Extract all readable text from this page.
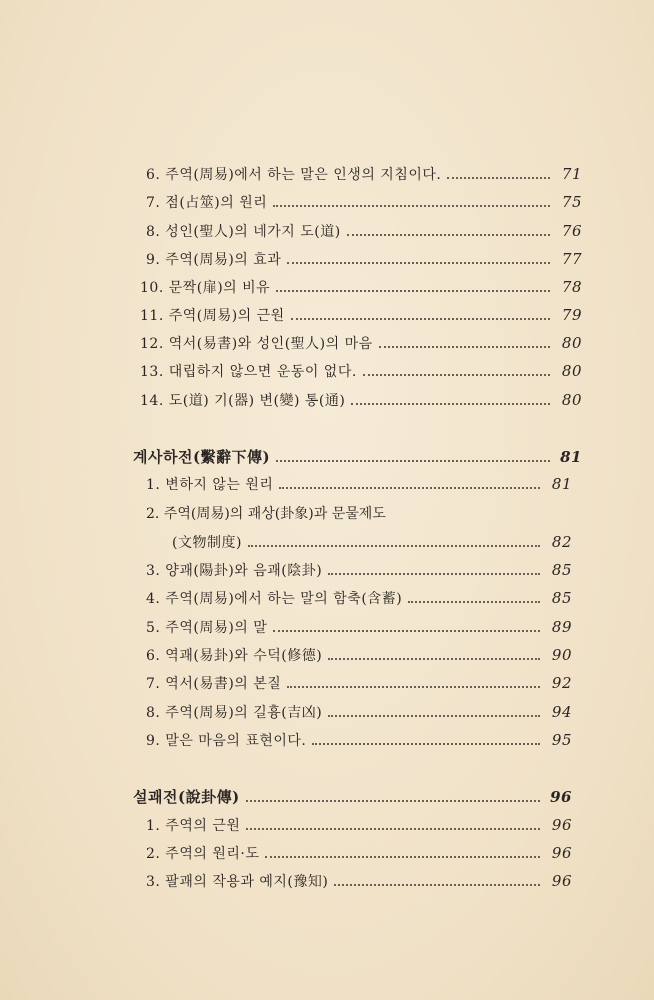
6. 주역(周易)에서 하는 말은 인생의 지침이다.	71
7. 점(占筮)의 원리	75
8. 성인(聖人)의 네가지 도(道)	76
9. 주역(周易)의 효과	77
10. 문짝(扉)의 비유	78
11. 주역(周易)의 근원	79
12. 역서(易書)와 성인(聖人)의 마음	80
13. 대립하지 않으면 운동이 없다.	80
14. 도(道) 기(器) 변(變) 통(通)	80
계사하전(繫辭下傳)	81
1. 변하지 않는 원리	81
2. 주역(周易)의 괘상(卦象)과 문물제도
(文物制度)	82
3. 양괘(陽卦)와 음괘(陰卦)	85
4. 주역(周易)에서 하는 말의 함축(含蓄)	85
5. 주역(周易)의 말	89
6. 역괘(易卦)와 수덕(修德)	90
7. 역서(易書)의 본질	92
8. 주역(周易)의 길흉(吉凶)	94
9. 말은 마음의 표현이다.	95
설괘전(說卦傳)	96
1. 주역의 근원	96
2. 주역의 원리·도	96
3. 팔괘의 작용과 예지(豫知)	96
